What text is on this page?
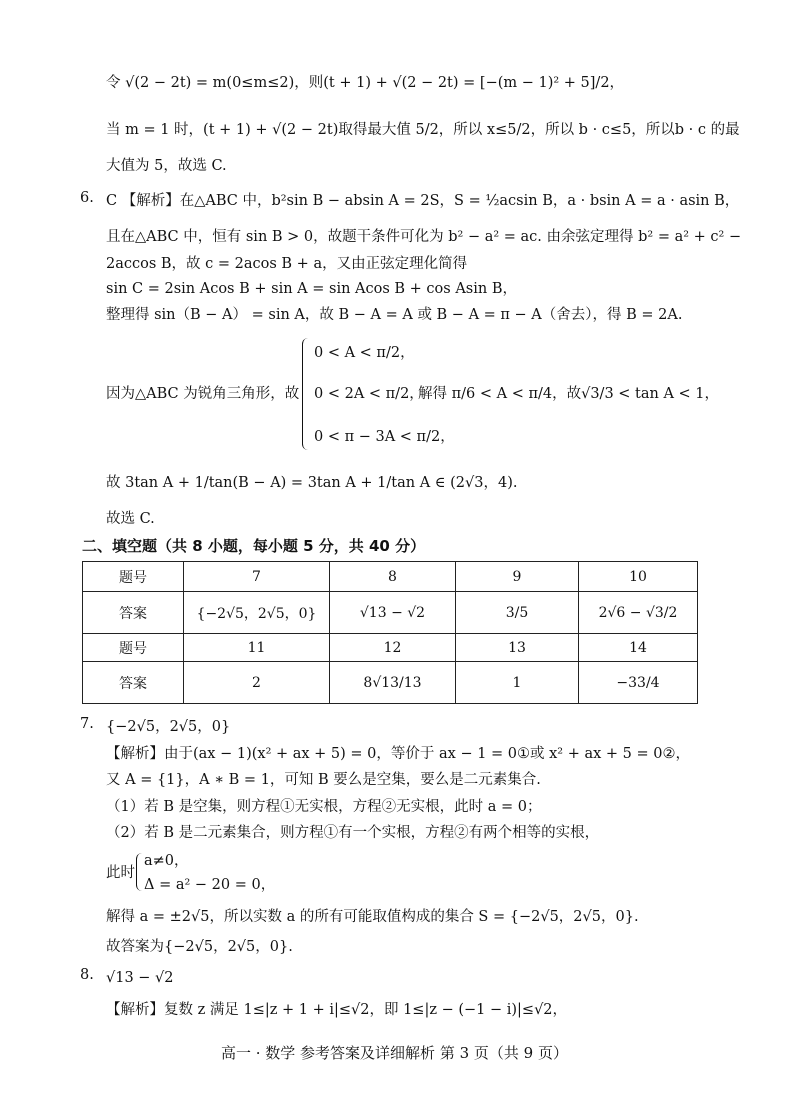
令 √(2 − 2t) = m(0≤m≤2)，则(t + 1) + √(2 − 2t) = [−(m − 1)² + 5]/2，
当 m = 1 时，(t + 1) + √(2 − 2t)取得最大值 5/2，所以 x≤5/2，所以 b · c≤5，所以b · c 的最
大值为 5，故选 C.
6. C 【解析】在△ABC 中，b²sin B − absin A = 2S，S = ½acsin B，a · bsin A = a · asin B，
且在△ABC 中，恒有 sin B > 0，故题干条件可化为 b² − a² = ac. 由余弦定理得 b² = a² + c² −
2accos B，故 c = 2acos B + a，又由正弦定理化简得
sin C = 2sin Acos B + sin A = sin Acos B + cos Asin B，
整理得 sin（B − A） = sin A，故 B − A = A 或 B − A = π − A（舍去），得 B = 2A.
0 < A < π/2，
因为△ABC 为锐角三角形，故	0 < 2A < π/2，
解得 π/6 < A < π/4，故√3/3 < tan A < 1，
0 < π − 3A < π/2，
故 3tan A + 1/tan(B − A) = 3tan A + 1/tan A ∈ (2√3，4).
故选 C.
二、填空题（共 8 小题，每小题 5 分，共 40 分）
题号	7	8	9	10
答案	{−2√5，2√5，0}	√13 − √2	3/5	2√6 − √3/2
题号	11	12	13	14
答案	2	8√13/13	1	−33/4
7. {−2√5，2√5，0}
【解析】由于(ax − 1)(x² + ax + 5) = 0，等价于 ax − 1 = 0①或 x² + ax + 5 = 0②，
又 A = {1}，A ∗ B = 1，可知 B 要么是空集，要么是二元素集合.
（1）若 B 是空集，则方程①无实根，方程②无实根，此时 a = 0；
（2）若 B 是二元素集合，则方程①有一个实根，方程②有两个相等的实根，
a≠0，
此时
Δ = a² − 20 = 0，
解得 a = ±2√5，所以实数 a 的所有可能取值构成的集合 S = {−2√5，2√5，0}.
故答案为{−2√5，2√5，0}.
8. √13 − √2
【解析】复数 z 满足 1≤|z + 1 + i|≤√2，即 1≤|z − (−1 − i)|≤√2，
高一 · 数学 参考答案及详细解析 第 3 页（共 9 页）
